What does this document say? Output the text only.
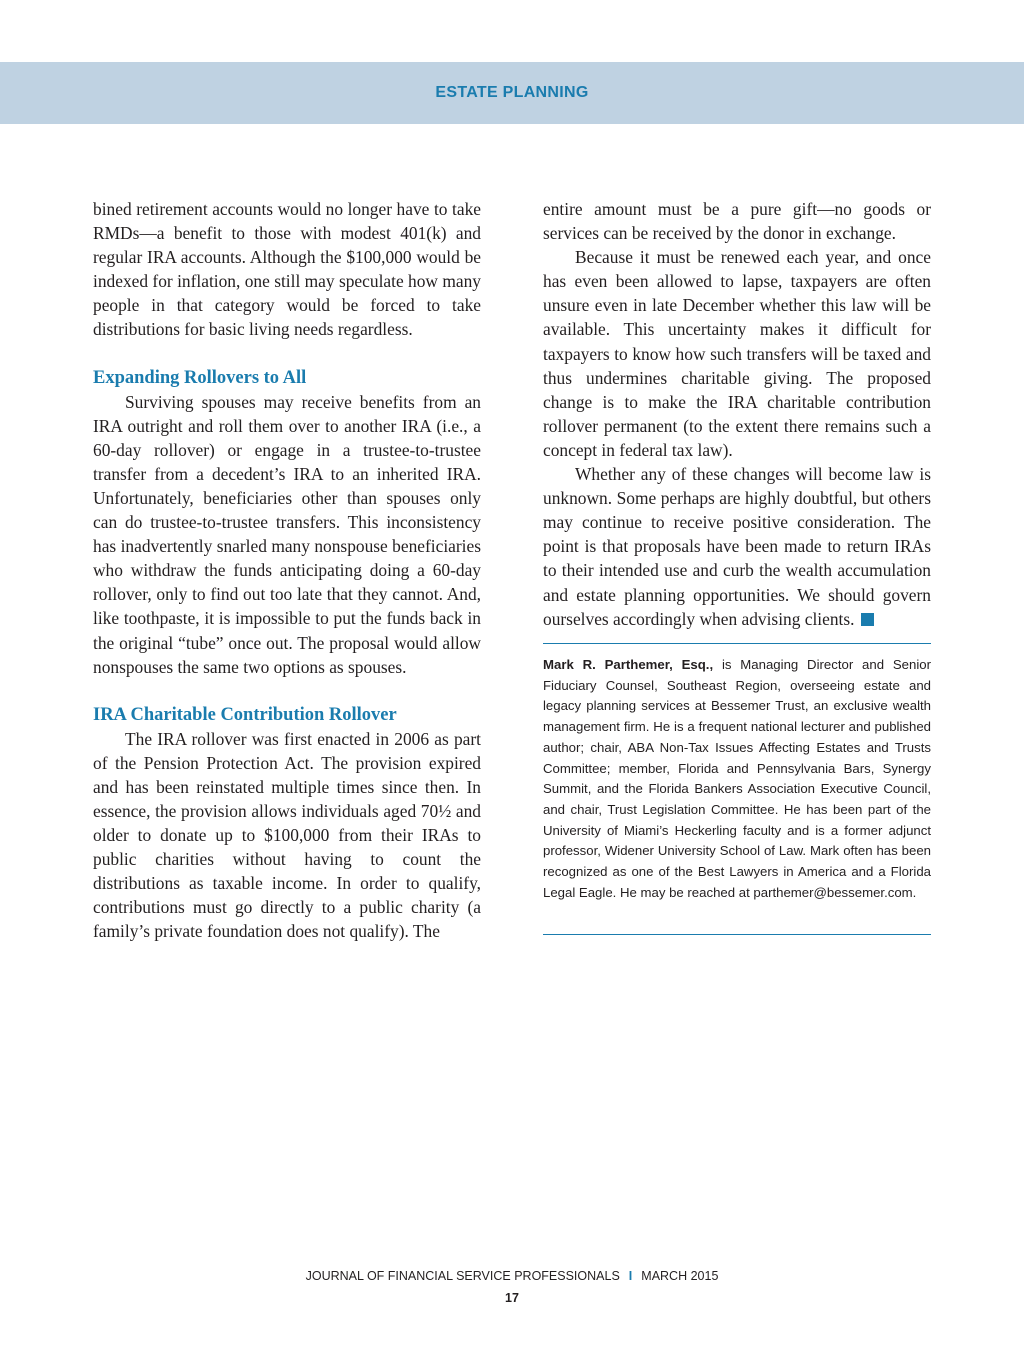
ESTATE PLANNING

bined retirement accounts would no longer have to take RMDs—a benefit to those with modest 401(k) and regular IRA accounts. Although the $100,000 would be indexed for inflation, one still may speculate how many people in that category would be forced to take distributions for basic living needs regardless.

Expanding Rollovers to All

Surviving spouses may receive benefits from an IRA outright and roll them over to another IRA (i.e., a 60-day rollover) or engage in a trustee-to-trustee transfer from a decedent’s IRA to an inherited IRA. Unfortunately, beneficiaries other than spouses only can do trustee-to-trustee transfers. This inconsistency has inadvertently snarled many nonspouse beneficiaries who withdraw the funds anticipating doing a 60-day rollover, only to find out too late that they cannot. And, like toothpaste, it is impossible to put the funds back in the original “tube” once out. The proposal would allow nonspouses the same two options as spouses.

IRA Charitable Contribution Rollover

The IRA rollover was first enacted in 2006 as part of the Pension Protection Act. The provision expired and has been reinstated multiple times since then. In essence, the provision allows individuals aged 70½ and older to donate up to $100,000 from their IRAs to public charities without having to count the distributions as taxable income. In order to qualify, contributions must go directly to a public charity (a family’s private foundation does not qualify). The

entire amount must be a pure gift—no goods or services can be received by the donor in exchange.

Because it must be renewed each year, and once has even been allowed to lapse, taxpayers are often unsure even in late December whether this law will be available. This uncertainty makes it difficult for taxpayers to know how such transfers will be taxed and thus undermines charitable giving. The proposed change is to make the IRA charitable contribution rollover permanent (to the extent there remains such a concept in federal tax law).

Whether any of these changes will become law is unknown. Some perhaps are highly doubtful, but others may continue to receive positive consideration. The point is that proposals have been made to return IRAs to their intended use and curb the wealth accumulation and estate planning opportunities. We should govern ourselves accordingly when advising clients.

Mark R. Parthemer, Esq., is Managing Director and Senior Fiduciary Counsel, Southeast Region, overseeing estate and legacy planning services at Bessemer Trust, an exclusive wealth management firm. He is a frequent national lecturer and published author; chair, ABA Non-Tax Issues Affecting Estates and Trusts Committee; member, Florida and Pennsylvania Bars, Synergy Summit, and the Florida Bankers Association Executive Council, and chair, Trust Legislation Committee. He has been part of the University of Miami’s Heckerling faculty and is a former adjunct professor, Widener University School of Law. Mark often has been recognized as one of the Best Lawyers in America and a Florida Legal Eagle. He may be reached at parthemer@bessemer.com.

JOURNAL OF FINANCIAL SERVICE PROFESSIONALS I MARCH 2015
17
